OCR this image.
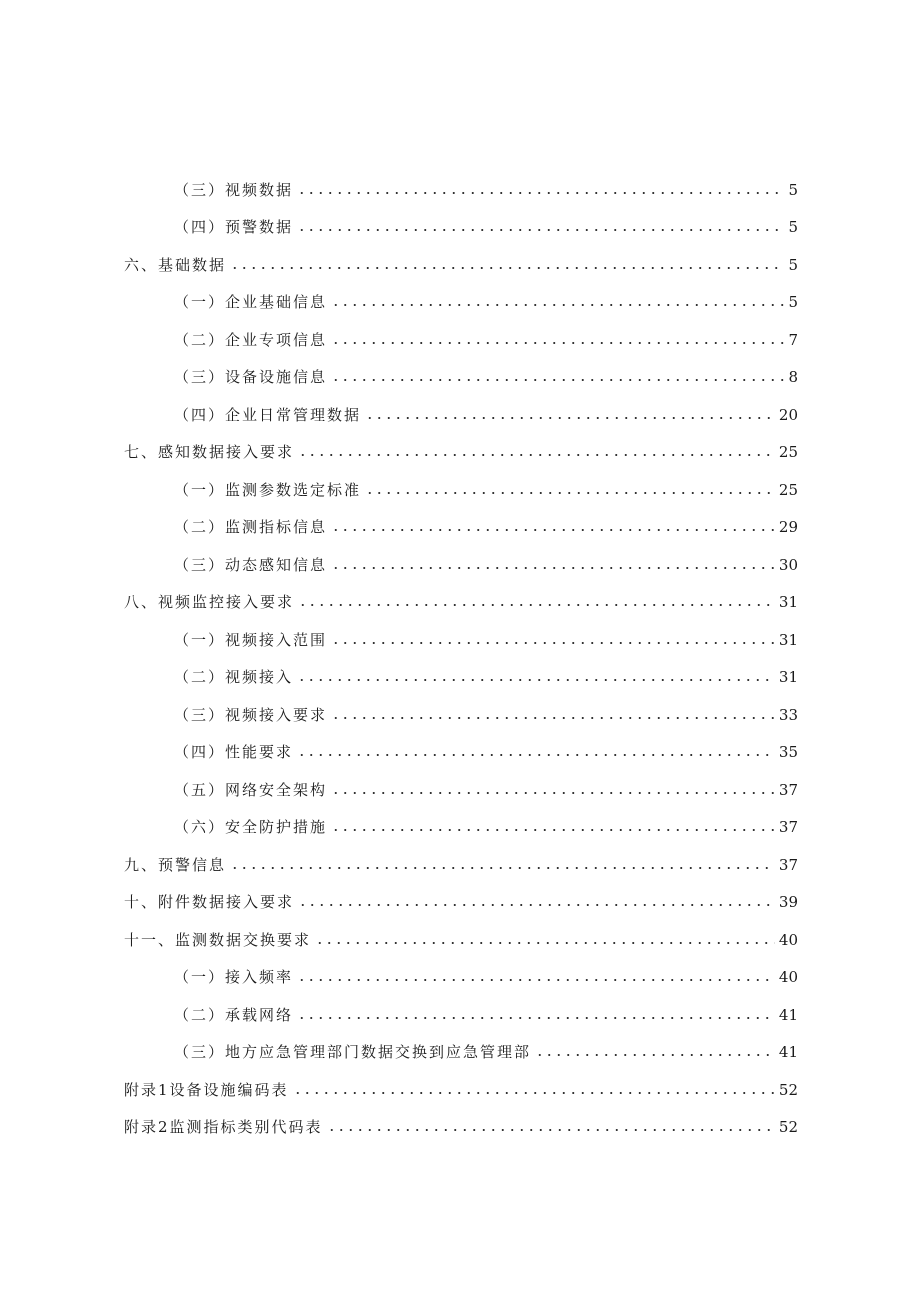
（三）视频数据	5
（四）预警数据	5
六、基础数据	5
（一）企业基础信息	5
（二）企业专项信息	7
（三）设备设施信息	8
（四）企业日常管理数据	20
七、感知数据接入要求	25
（一）监测参数选定标准	25
（二）监测指标信息	29
（三）动态感知信息	30
八、视频监控接入要求	31
（一）视频接入范围	31
（二）视频接入	31
（三）视频接入要求	33
（四）性能要求	35
（五）网络安全架构	37
（六）安全防护措施	37
九、预警信息	37
十、附件数据接入要求	39
十一、监测数据交换要求	40
（一）接入频率	40
（二）承载网络	41
（三）地方应急管理部门数据交换到应急管理部	41
附录1设备设施编码表	52
附录2监测指标类别代码表	52
